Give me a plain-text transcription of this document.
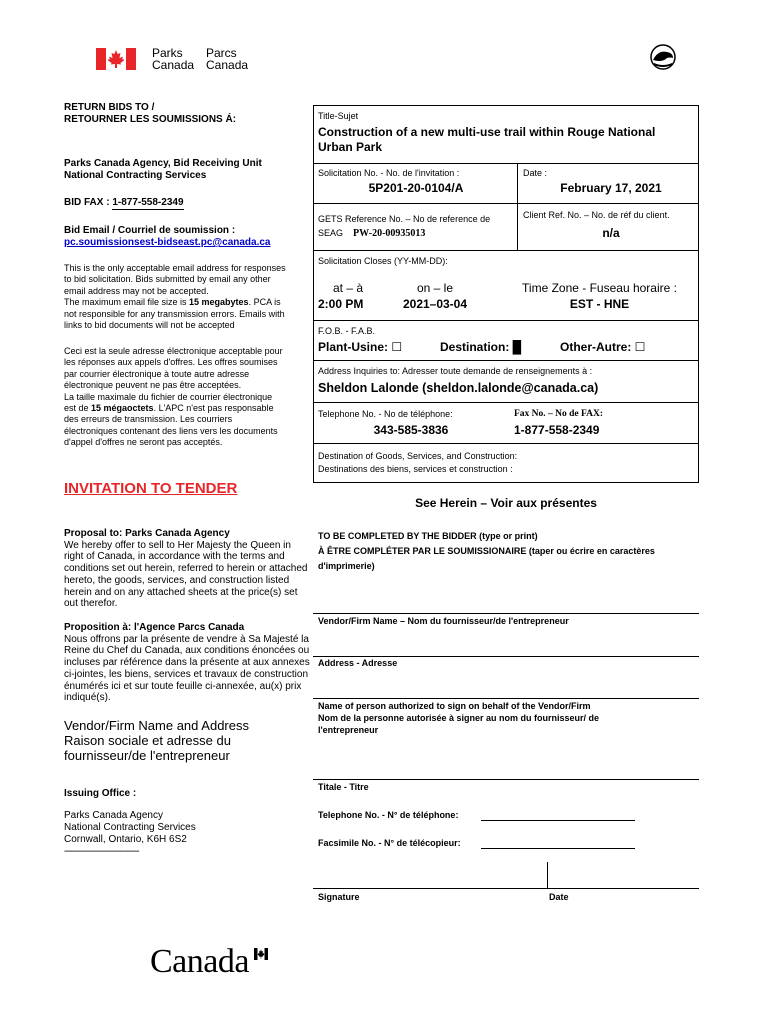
Parks
Canada
Parcs
Canada
RETURN BIDS TO /
RETOURNER LES SOUMISSIONS Á:
Parks Canada Agency, Bid Receiving Unit
National Contracting Services
BID FAX : 1-877-558-2349
Bid Email / Courriel de soumission :
pc.soumissionsest-bidseast.pc@canada.ca
This is the only acceptable email address for responses
to bid solicitation. Bids submitted by email any other
email address may not be accepted.
The maximum email file size is 15 megabytes. PCA is
not responsible for any transmission errors. Emails with
links to bid documents will not be accepted
Ceci est la seule adresse électronique acceptable pour
les réponses aux appels d'offres. Les offres soumises
par courrier électronique à toute autre adresse
électronique peuvent ne pas être acceptées.
La taille maximale du fichier de courrier électronique
est de 15 mégaoctets. L'APC n'est pas responsable
des erreurs de transmission. Les courriers
électroniques contenant des liens vers les documents
d'appel d'offres ne seront pas acceptés.
INVITATION TO TENDER
Proposal to: Parks Canada Agency
We hereby offer to sell to Her Majesty the Queen in
right of Canada, in accordance with the terms and
conditions set out herein, referred to herein or attached
hereto, the goods, services, and construction listed
herein and on any attached sheets at the price(s) set
out therefor.
Proposition à: l'Agence Parcs Canada
Nous offrons par la présente de vendre à Sa Majesté la
Reine du Chef du Canada, aux conditions énoncées ou
incluses par référence dans la présente at aux annexes
ci-jointes, les biens, services et travaux de construction
énumérés ici et sur toute feuille ci-annexée, au(x) prix
indiqué(s).
Vendor/Firm Name and Address
Raison sociale et adresse du
fournisseur/de l'entrepreneur
Issuing Office :
Parks Canada Agency
National Contracting Services
Cornwall, Ontario, K6H 6S2
--------------------------------
Title-Sujet
Construction of a new multi-use trail within Rouge National
Urban Park
Solicitation No. - No. de l'invitation :
5P201-20-0104/A
Date :
February 17, 2021
GETS Reference No. – No de reference de
SEAG PW-20-00935013
Client Ref. No. – No. de réf du client.
n/a
Solicitation Closes (YY-MM-DD):
at – à
2:00 PM
on – le
2021–03-04
Time Zone - Fuseau horaire :
EST - HNE
F.O.B. - F.A.B.
Plant-Usine: ☐	Destination: █	Other-Autre: ☐
Address Inquiries to: Adresser toute demande de renseignements à :
Sheldon Lalonde (sheldon.lalonde@canada.ca)
Telephone No. - No de téléphone:
343-585-3836
Fax No. – No de FAX:
1-877-558-2349
Destination of Goods, Services, and Construction:
Destinations des biens, services et construction :
See Herein – Voir aux présentes
TO BE COMPLETED BY THE BIDDER (type or print)
À ÊTRE COMPLÉTER PAR LE SOUMISSIONAIRE (taper ou écrire en caractères
d'imprimerie)
Vendor/Firm Name – Nom du fournisseur/de l'entrepreneur
Address - Adresse
Name of person authorized to sign on behalf of the Vendor/Firm
Nom de la personne autorisée à signer au nom du fournisseur/ de
l'entrepreneur
Titale - Titre
Telephone No. - N° de téléphone:
Facsimile No. - N° de télécopieur:
Signature	Date
Canada
